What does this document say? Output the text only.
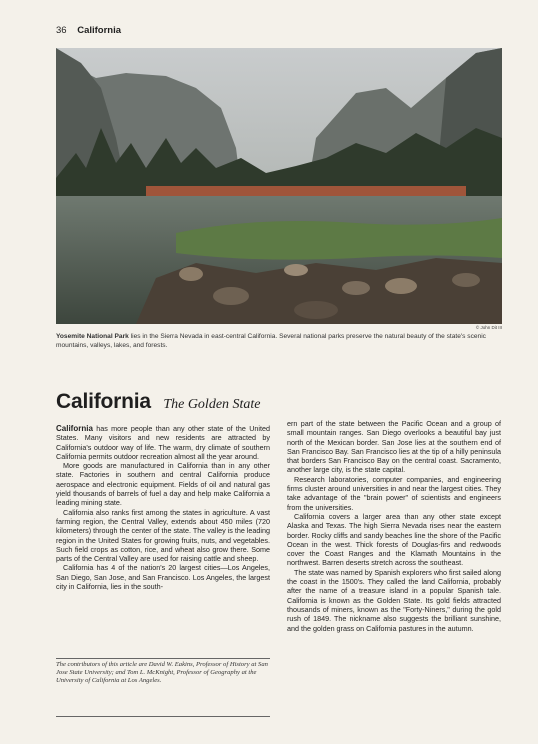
36 California
© John Dit III
Yosemite National Park lies in the Sierra Nevada in east-central California. Several national parks preserve the natural beauty of the state's scenic mountains, valleys, lakes, and forests.
California The Golden State

California has more people than any other state of the United States. Many visitors and new residents are attracted by California's outdoor way of life. The warm, dry climate of southern California permits outdoor recreation almost all the year around.

More goods are manufactured in California than in any other state. Factories in southern and central California produce aerospace and electronic equipment. Fields of oil and natural gas yield thousands of barrels of fuel a day and help make California a leading mining state.

California also ranks first among the states in agriculture. A vast farming region, the Central Valley, extends about 450 miles (720 kilometers) through the center of the state. The valley is the leading region in the United States for growing fruits, nuts, and vegetables. Such field crops as cotton, rice, and wheat also grow there. Some parts of the Central Valley are used for raising cattle and sheep.

California has 4 of the nation's 20 largest cities—Los Angeles, San Diego, San Jose, and San Francisco. Los Angeles, the largest city in California, lies in the south-

ern part of the state between the Pacific Ocean and a group of small mountain ranges. San Diego overlooks a beautiful bay just north of the Mexican border. San Jose lies at the southern end of San Francisco Bay. San Francisco lies at the tip of a hilly peninsula that borders San Francisco Bay on the central coast. Sacramento, another large city, is the state capital.

Research laboratories, computer companies, and engineering firms cluster around universities in and near the largest cities. They take advantage of the "brain power" of scientists and engineers from the universities.

California covers a larger area than any other state except Alaska and Texas. The high Sierra Nevada rises near the eastern border. Rocky cliffs and sandy beaches line the shore of the Pacific Ocean in the west. Thick forests of Douglas-firs and redwoods cover the Coast Ranges and the Klamath Mountains in the northwest. Barren deserts stretch across the southeast.

The state was named by Spanish explorers who first sailed along the coast in the 1500's. They called the land California, probably after the name of a treasure island in a popular Spanish tale. California is known as the Golden State. Its gold fields attracted thousands of miners, known as the "Forty-Niners," during the gold rush of 1849. The nickname also suggests the brilliant sunshine, and the golden grass on California pastures in the autumn.

The contributors of this article are David W. Eakins, Professor of History at San Jose State University; and Tom L. McKnight, Professor of Geography at the University of California at Los Angeles.
